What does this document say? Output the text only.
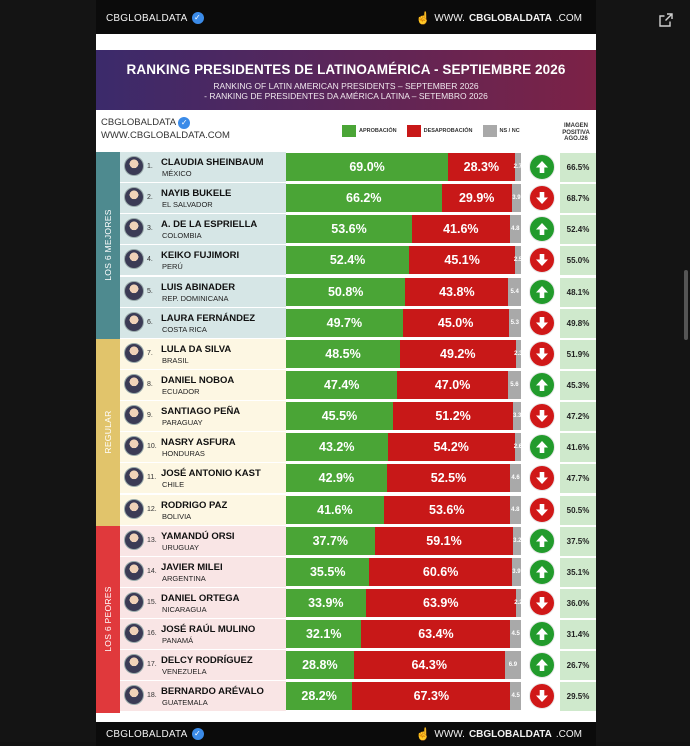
CBGLOBALDATA ✓	☝ WWW. CBGLOBALDATA .COM
RANKING PRESIDENTES DE LATINOAMÉRICA - SEPTIEMBRE 2026

RANKING OF LATIN AMERICAN PRESIDENTS – SEPTEMBER 2026

- RANKING DE PRESIDENTES DA AMÉRICA LATINA – SETEMBRO 2026

CBGLOBALDATA ✓
WWW.CBGLOBALDATA.COM	APROBACIÓN	DESAPROBACIÓN	NS / NC
IMAGEN
POSITIVA
AGO./26
LOS 6 MEJORES
REGULAR
LOS 6 PEORES
1. CLAUDIA SHEINBAUM
MÉXICO	69.0%	28.3%	2.7	66.5%
2. NAYIB BUKELE
EL SALVADOR	66.2%	29.9%	3.9	68.7%
3. A. DE LA ESPRIELLA
COLOMBIA	53.6%	41.6%	4.8	52.4%
4. KEIKO FUJIMORI
PERÚ	52.4%	45.1%	2.5	55.0%
5. LUIS ABINADER
REP. DOMINICANA	50.8%	43.8%	5.4	48.1%
6. LAURA FERNÁNDEZ
COSTA RICA	49.7%	45.0%	5.3	49.8%
7. LULA DA SILVA
BRASIL	48.5%	49.2%	2.3	51.9%
8. DANIEL NOBOA
ECUADOR	47.4%	47.0%	5.6	45.3%
9. SANTIAGO PEÑA
PARAGUAY	45.5%	51.2%	3.3	47.2%
10. NASRY ASFURA
HONDURAS	43.2%	54.2%	2.6	41.6%
11. JOSÉ ANTONIO KAST
CHILE	42.9%	52.5%	4.6	47.7%
12. RODRIGO PAZ
BOLIVIA	41.6%	53.6%	4.8	50.5%
13. YAMANDÚ ORSI
URUGUAY	37.7%	59.1%	3.2	37.5%
14. JAVIER MILEI
ARGENTINA	35.5%	60.6%	3.9	35.1%
15. DANIEL ORTEGA
NICARAGUA	33.9%	63.9%	2.2	36.0%
16. JOSÉ RAÚL MULINO
PANAMÁ	32.1%	63.4%	4.5	31.4%
17. DELCY RODRÍGUEZ
VENEZUELA	28.8%	64.3%	6.9	26.7%
18. BERNARDO ARÉVALO
GUATEMALA	28.2%	67.3%	4.5	29.5%
CBGLOBALDATA ✓	☝ WWW. CBGLOBALDATA .COM
